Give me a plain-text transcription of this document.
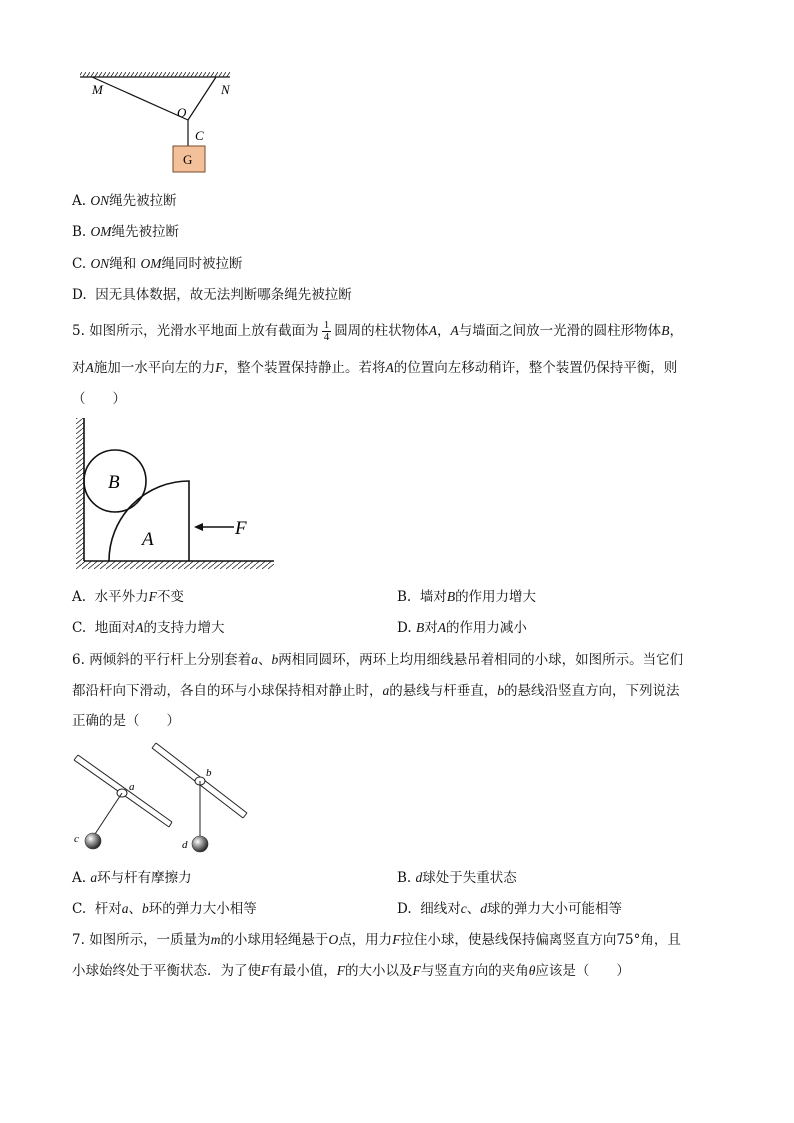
M	N
O
C
G
A. ON绳先被拉断
B. OM绳先被拉断
C. ON绳和 OM绳同时被拉断
D. 因无具体数据，故无法判断哪条绳先被拉断
5. 如图所示，光滑水平地面上放有截面为 $\frac{1}{4}$ 圆周的柱状物体A，A与墙面之间放一光滑的圆柱形物体B，
对A施加一水平向左的力F，整个装置保持静止。若将A的位置向左移动稍许，整个装置仍保持平衡，则
（　　）
B
A
F
A. 水平外力F不变	B. 墙对B的作用力增大
C. 地面对A的支持力增大	D. B对A的作用力减小
6. 两倾斜的平行杆上分别套着a、b两相同圆环，两环上均用细线悬吊着相同的小球，如图所示。当它们
都沿杆向下滑动，各自的环与小球保持相对静止时，a的悬线与杆垂直，b的悬线沿竖直方向，下列说法
正确的是（　　）
a
b
c	d
A. a环与杆有摩擦力	B. d球处于失重状态
C. 杆对a、b环的弹力大小相等	D. 细线对c、d球的弹力大小可能相等
7. 如图所示，一质量为m的小球用轻绳悬于O点，用力F拉住小球，使悬线保持偏离竖直方向75°角，且
小球始终处于平衡状态．为了使F有最小值，F的大小以及F与竖直方向的夹角θ应该是（　　）
